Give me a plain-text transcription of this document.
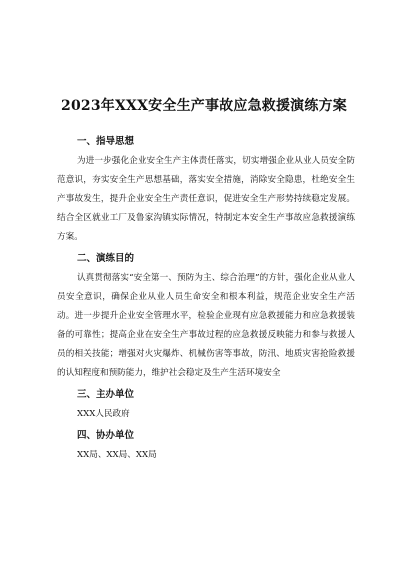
2023年XXX安全生产事故应急救援演练方案
一、指导思想

为进一步强化企业安全生产主体责任落实，切实增强企业从业人员安全防范意识，夯实安全生产思想基础，落实安全措施，消除安全隐患，杜绝安全生产事故发生，提升企业安全生产责任意识，促进安全生产形势持续稳定发展。结合全区就业工厂及鲁家沟镇实际情况，特制定本安全生产事故应急救援演练方案。

二、演练目的

认真贯彻落实“安全第一、预防为主、综合治理”的方针，强化企业从业人员安全意识，确保企业从业人员生命安全和根本利益，规范企业安全生产活动。进一步提升企业安全管理水平，检验企业现有应急救援能力和应急救援装备的可靠性；提高企业在安全生产事故过程的应急救援反映能力和参与救援人员的相关技能；增强对火灾爆炸、机械伤害等事故，防汛、地质灾害抢险救援的认知程度和预防能力，维护社会稳定及生产生活环境安全

三、主办单位

XXX人民政府

四、协办单位

XX局、XX局、XX局
